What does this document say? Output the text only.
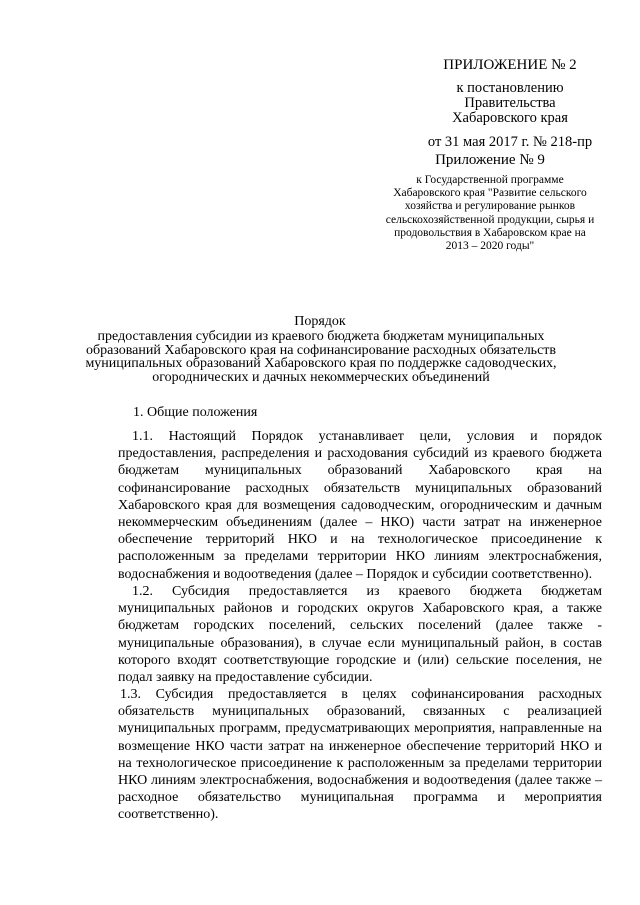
ПРИЛОЖЕНИЕ № 2
к постановлению
Правительства
Хабаровского края
от 31 мая 2017 г. № 218-пр
Приложение № 9
к Государственной программе
Хабаровского края "Развитие сельского
хозяйства и регулирование рынков
сельскохозяйственной продукции, сырья и
продовольствия в Хабаровском крае на
2013 – 2020 годы"
Порядок
предоставления субсидии из краевого бюджета бюджетам муниципальных образований Хабаровского края на софинансирование расходных обязательств муниципальных образований Хабаровского края по поддержке садоводческих, огороднических и дачных некоммерческих объединений
1. Общие положения
1.1. Настоящий Порядок устанавливает цели, условия и порядок предоставления, распределения и расходования субсидий из краевого бюджета бюджетам муниципальных образований Хабаровского края на софинансирование расходных обязательств муниципальных образований Хабаровского края для возмещения садоводческим, огородническим и дачным некоммерческим объединениям (далее – НКО) части затрат на инженерное обеспечение территорий НКО и на технологическое присоединение к расположенным за пределами территории НКО линиям электроснабжения, водоснабжения и водоотведения (далее – Порядок и субсидии соответственно).
1.2. Субсидия предоставляется из краевого бюджета бюджетам муниципальных районов и городских округов Хабаровского края, а также бюджетам городских поселений, сельских поселений (далее также - муниципальные образования), в случае если муниципальный район, в состав которого входят соответствующие городские и (или) сельские поселения, не подал заявку на предоставление субсидии.
1.3. Субсидия предоставляется в целях софинансирования расходных обязательств муниципальных образований, связанных с реализацией муниципальных программ, предусматривающих мероприятия, направленные на возмещение НКО части затрат на инженерное обеспечение территорий НКО и на технологическое присоединение к расположенным за пределами территории НКО линиям электроснабжения, водоснабжения и водоотведения (далее также – расходное обязательство муниципальная программа и мероприятия соответственно).
